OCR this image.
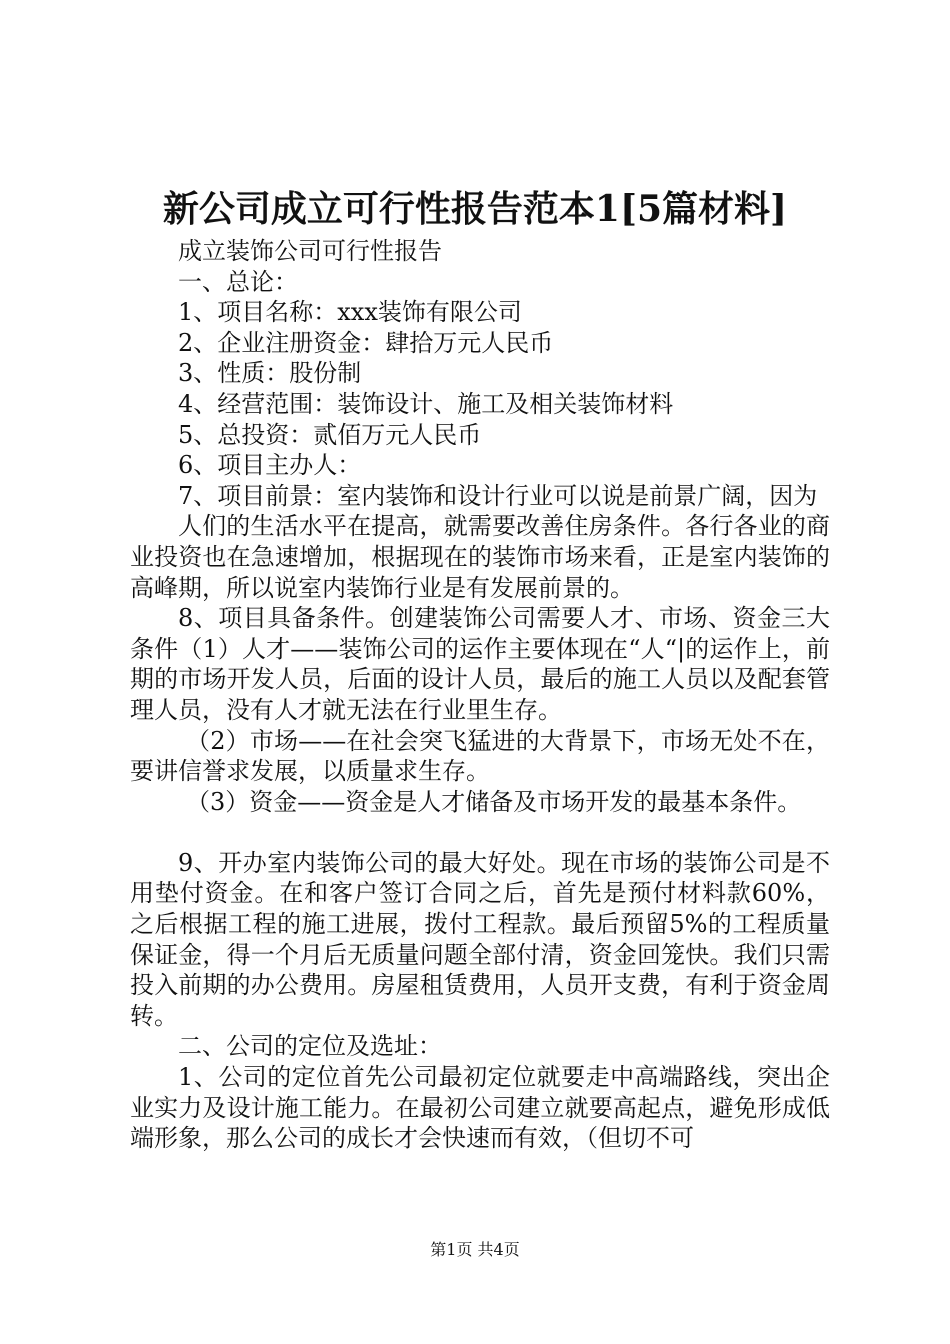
新公司成立可行性报告范本1[5篇材料]

成立装饰公司可行性报告

一、总论：

1、项目名称：xxx装饰有限公司

2、企业注册资金：肆拾万元人民币

3、性质：股份制

4、经营范围：装饰设计、施工及相关装饰材料

5、总投资：贰佰万元人民币

6、项目主办人：

7、项目前景：室内装饰和设计行业可以说是前景广阔，因为

人们的生活水平在提高，就需要改善住房条件。各行各业的商业投资也在急速增加，根据现在的装饰市场来看，正是室内装饰的高峰期，所以说室内装饰行业是有发展前景的。

8、项目具备条件。创建装饰公司需要人才、市场、资金三大条件（1）人才——装饰公司的运作主要体现在“人“|的运作上，前期的市场开发人员，后面的设计人员，最后的施工人员以及配套管理人员，没有人才就无法在行业里生存。

（2）市场——在社会突飞猛进的大背景下，市场无处不在，要讲信誉求发展，以质量求生存。

（3）资金——资金是人才储备及市场开发的最基本条件。

9、开办室内装饰公司的最大好处。现在市场的装饰公司是不用垫付资金。在和客户签订合同之后，首先是预付材料款60%，之后根据工程的施工进展，拨付工程款。最后预留5%的工程质量保证金，得一个月后无质量问题全部付清，资金回笼快。我们只需投入前期的办公费用。房屋租赁费用，人员开支费，有利于资金周转。

二、公司的定位及选址：

1、公司的定位首先公司最初定位就要走中高端路线，突出企业实力及设计施工能力。在最初公司建立就要高起点，避免形成低端形象，那么公司的成长才会快速而有效，（但切不可

第1页 共4页
